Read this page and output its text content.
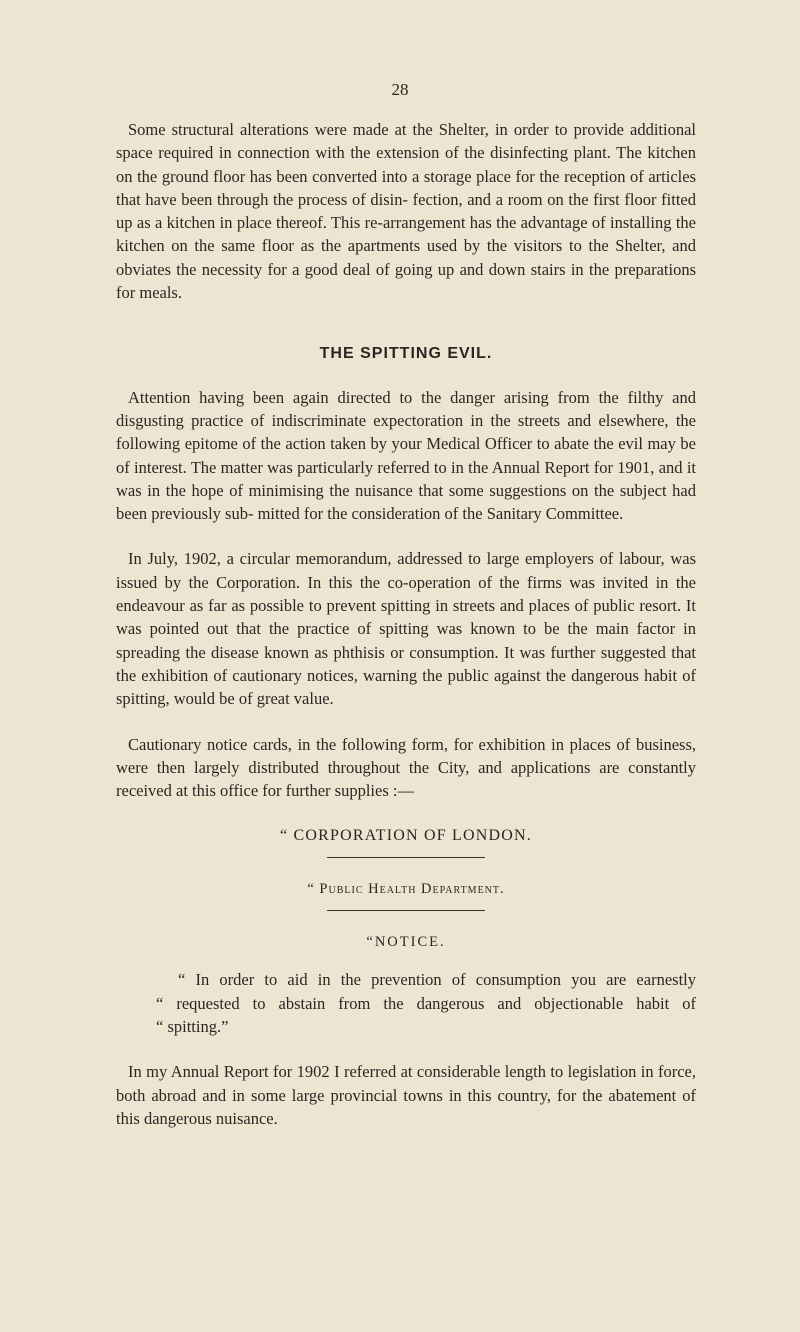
28

Some structural alterations were made at the Shelter, in order to provide additional space required in connection with the extension of the disinfecting plant. The kitchen on the ground floor has been converted into a storage place for the reception of articles that have been through the process of disin- fection, and a room on the first floor fitted up as a kitchen in place thereof. This re-arrangement has the advantage of installing the kitchen on the same floor as the apartments used by the visitors to the Shelter, and obviates the necessity for a good deal of going up and down stairs in the preparations for meals.

THE SPITTING EVIL.

Attention having been again directed to the danger arising from the filthy and disgusting practice of indiscriminate expectoration in the streets and elsewhere, the following epitome of the action taken by your Medical Officer to abate the evil may be of interest. The matter was particularly referred to in the Annual Report for 1901, and it was in the hope of minimising the nuisance that some suggestions on the subject had been previously sub- mitted for the consideration of the Sanitary Committee.

In July, 1902, a circular memorandum, addressed to large employers of labour, was issued by the Corporation. In this the co-operation of the firms was invited in the endeavour as far as possible to prevent spitting in streets and places of public resort. It was pointed out that the practice of spitting was known to be the main factor in spreading the disease known as phthisis or consumption. It was further suggested that the exhibition of cautionary notices, warning the public against the dangerous habit of spitting, would be of great value.

Cautionary notice cards, in the following form, for exhibition in places of business, were then largely distributed throughout the City, and applications are constantly received at this office for further supplies :—

“ CORPORATION OF LONDON.
“ Public Health Department.
“NOTICE.
“ In order to aid in the prevention of consumption you are earnestly
“ requested to abstain from the dangerous and objectionable habit of
“ spitting.”

In my Annual Report for 1902 I referred at considerable length to legislation in force, both abroad and in some large provincial towns in this country, for the abatement of this dangerous nuisance.
